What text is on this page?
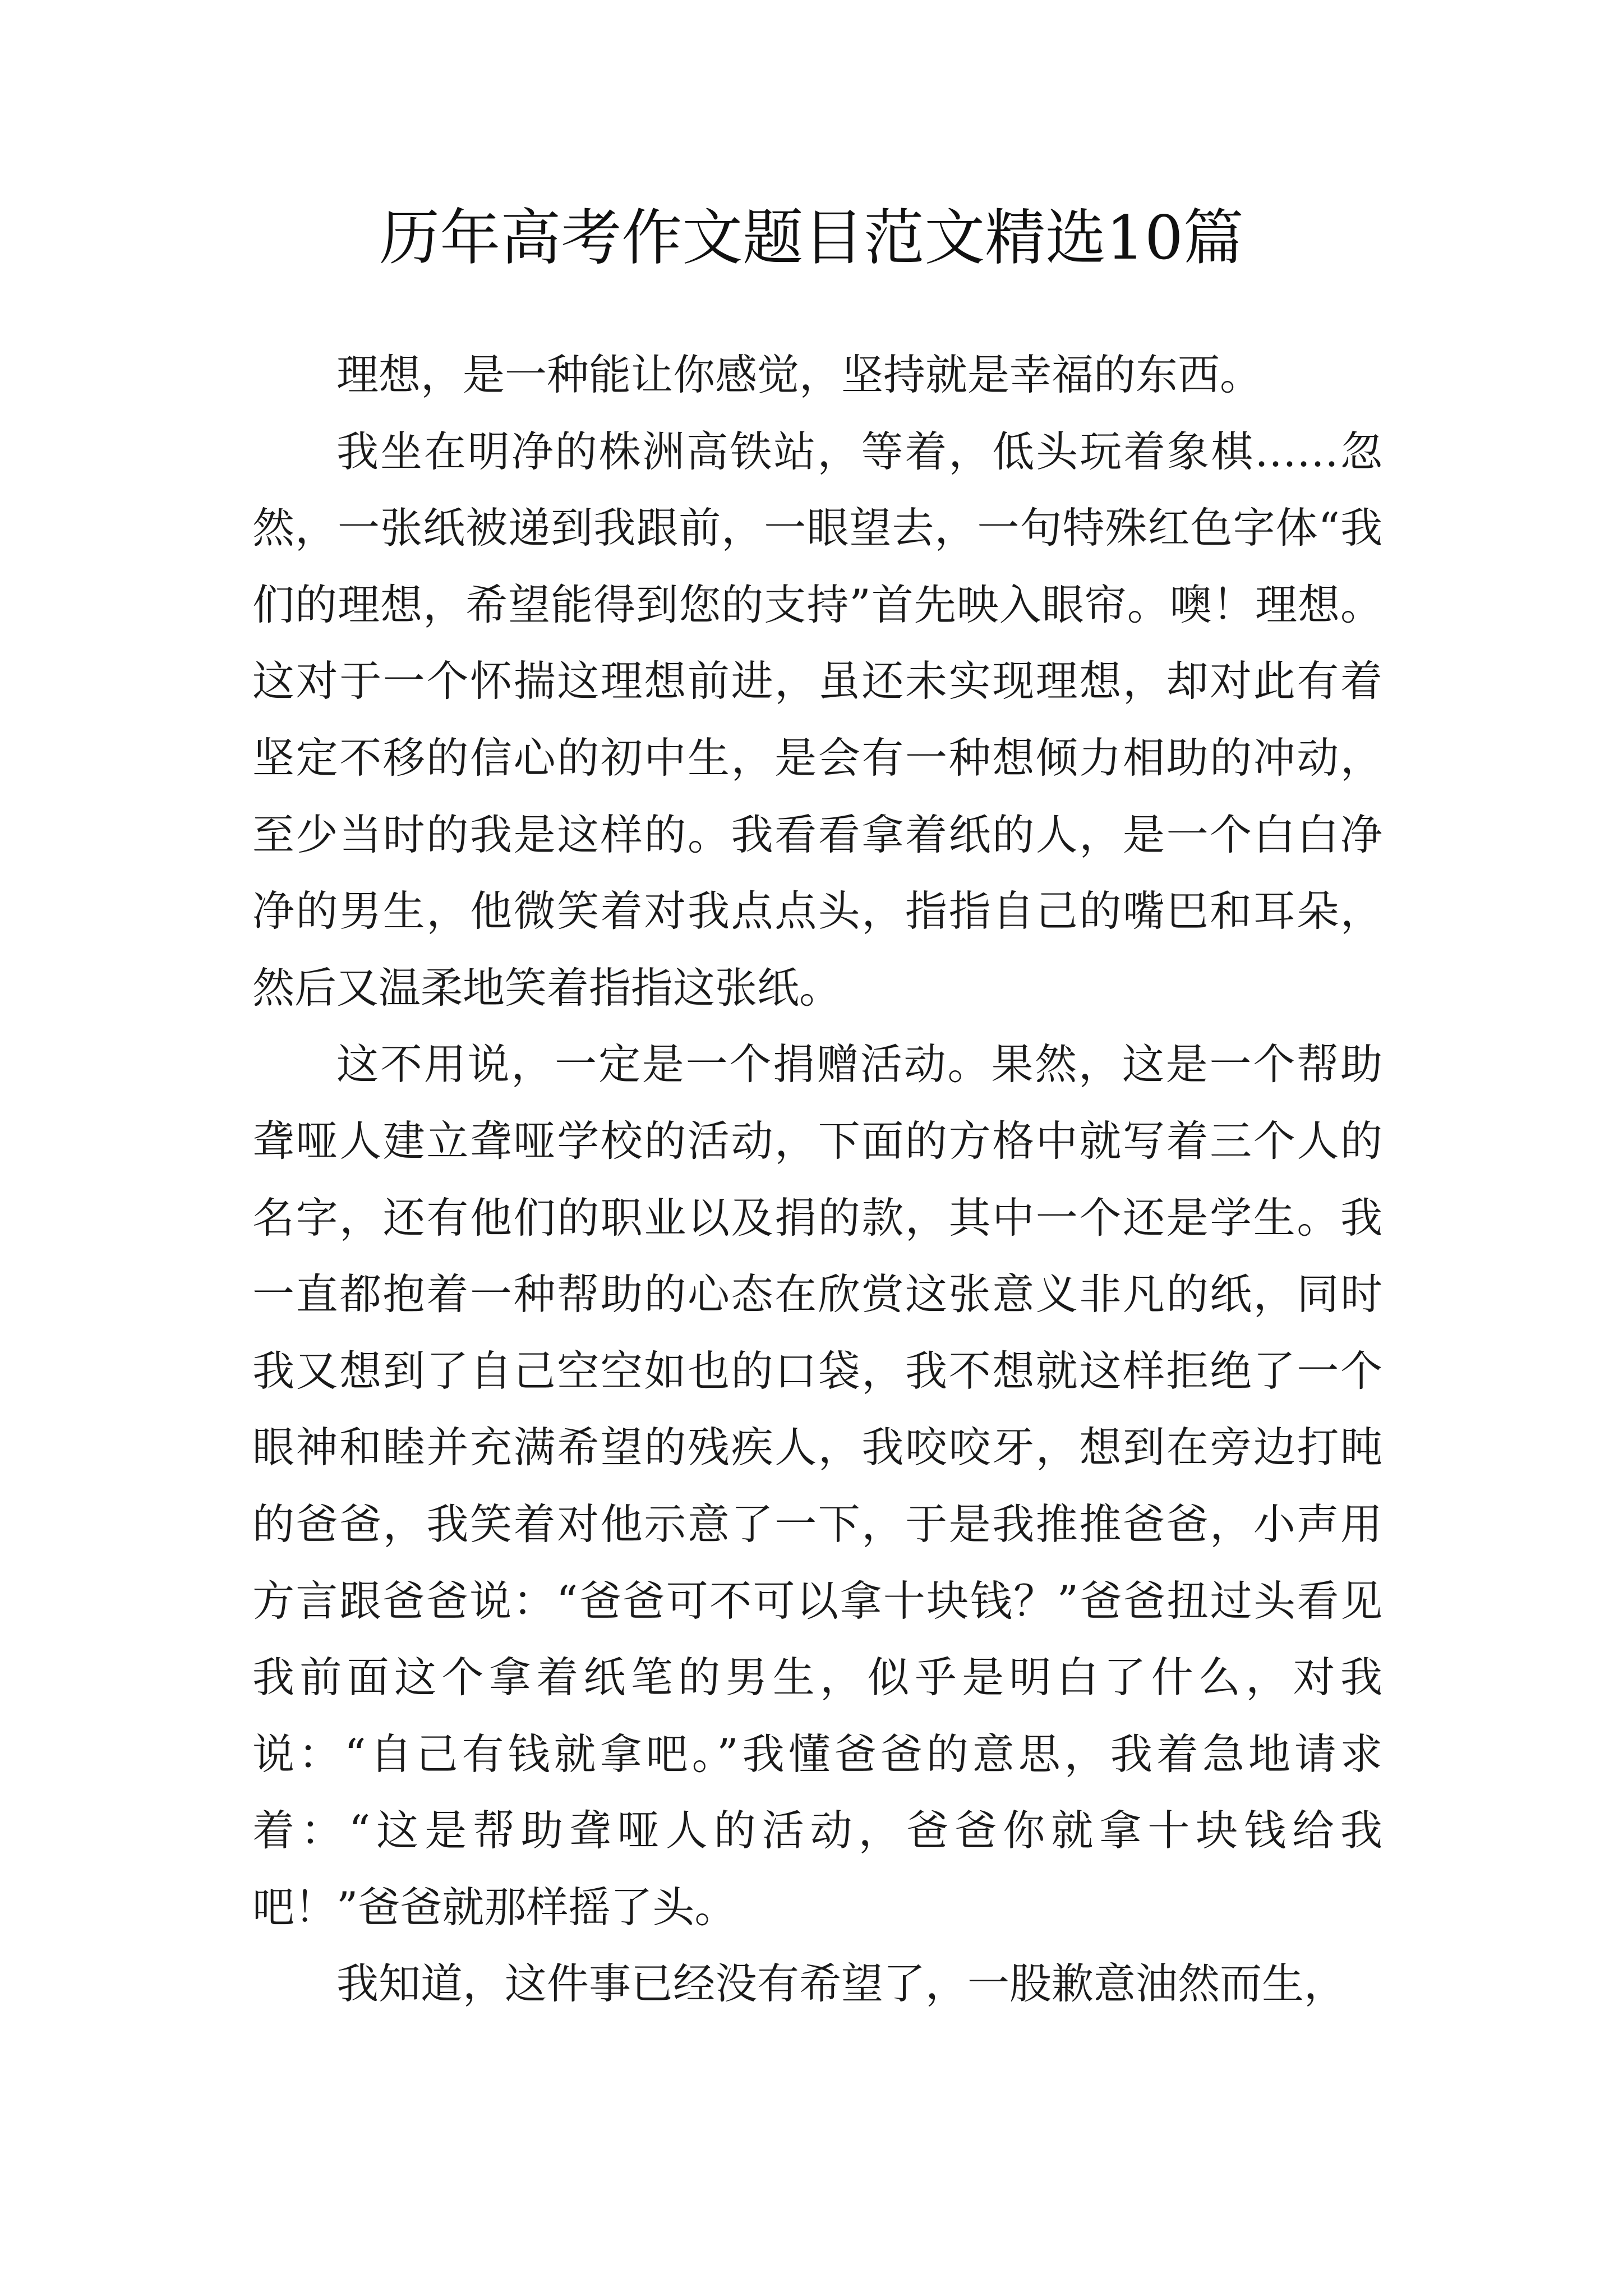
历年高考作文题目范文精选10篇

理想，是一种能让你感觉，坚持就是幸福的东西。

我坐在明净的株洲高铁站，等着，低头玩着象棋……忽然，一张纸被递到我跟前，一眼望去，一句特殊红色字体“我们的理想，希望能得到您的支持”首先映入眼帘。噢！理想。这对于一个怀揣这理想前进，虽还未实现理想，却对此有着坚定不移的信心的初中生，是会有一种想倾力相助的冲动，至少当时的我是这样的。我看看拿着纸的人，是一个白白净净的男生，他微笑着对我点点头，指指自己的嘴巴和耳朵，然后又温柔地笑着指指这张纸。

这不用说，一定是一个捐赠活动。果然，这是一个帮助聋哑人建立聋哑学校的活动，下面的方格中就写着三个人的名字，还有他们的职业以及捐的款，其中一个还是学生。我一直都抱着一种帮助的心态在欣赏这张意义非凡的纸，同时我又想到了自己空空如也的口袋，我不想就这样拒绝了一个眼神和睦并充满希望的残疾人，我咬咬牙，想到在旁边打盹的爸爸，我笑着对他示意了一下，于是我推推爸爸，小声用方言跟爸爸说：“爸爸可不可以拿十块钱？”爸爸扭过头看见我前面这个拿着纸笔的男生，似乎是明白了什么，对我说：“自己有钱就拿吧。”我懂爸爸的意思，我着急地请求着：“这是帮助聋哑人的活动，爸爸你就拿十块钱给我吧！”爸爸就那样摇了头。

我知道，这件事已经没有希望了，一股歉意油然而生，
